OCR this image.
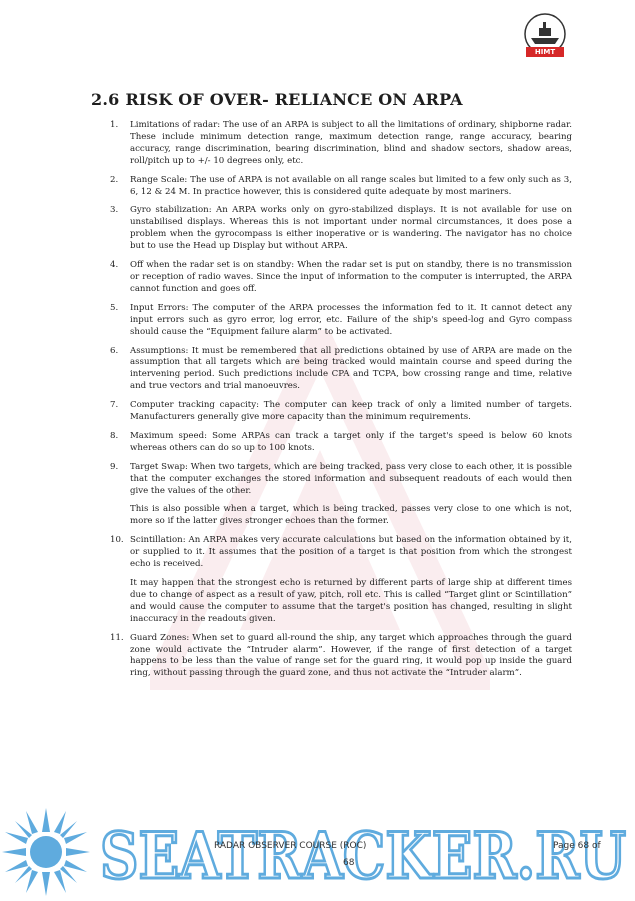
HIMT
2.6 RISK OF OVER- RELIANCE ON ARPA
1.	Limitations of radar: The use of an ARPA is subject to all the limitations of ordinary, shipborne radar. These include minimum detection range, maximum detection range, range accuracy, bearing accuracy, range discrimination, bearing discrimination, blind and shadow sectors, shadow areas, roll/pitch up to +/- 10 degrees only, etc.

2.	Range Scale: The use of ARPA is not available on all range scales but limited to a few only such as 3, 6, 12 & 24 M. In practice however, this is considered quite adequate by most mariners.

3.	Gyro stabilization: An ARPA works only on gyro-stabilized displays. It is not available for use on unstabilised displays. Whereas this is not important under normal circumstances, it does pose a problem when the gyrocompass is either inoperative or is wandering. The navigator has no choice but to use the Head up Display but without ARPA.

4.	Off when the radar set is on standby: When the radar set is put on standby, there is no transmission or reception of radio waves. Since the input of information to the computer is interrupted, the ARPA cannot function and goes off.

5.	Input Errors: The computer of the ARPA processes the information fed to it. It cannot detect any input errors such as gyro error, log error, etc. Failure of the ship's speed-log and Gyro compass should cause the “Equipment failure alarm” to be activated.

6.	Assumptions: It must be remembered that all predictions obtained by use of ARPA are made on the assumption that all targets which are being tracked would maintain course and speed during the intervening period. Such predictions include CPA and TCPA, bow crossing range and time, relative and true vectors and trial manoeuvres.

7.	Computer tracking capacity: The computer can keep track of only a limited number of targets. Manufacturers generally give more capacity than the minimum requirements.

8.	Maximum speed: Some ARPAs can track a target only if the target's speed is below 60 knots whereas others can do so up to 100 knots.

9.	Target Swap: When two targets, which are being tracked, pass very close to each other, it is possible that the computer exchanges the stored information and subsequent readouts of each would then give the values of the other.

This is also possible when a target, which is being tracked, passes very close to one which is not, more so if the latter gives stronger echoes than the former.

10. Scintillation: An ARPA makes very accurate calculations but based on the information obtained by it, or supplied to it. It assumes that the position of a target is that position from which the strongest echo is received.

It may happen that the strongest echo is returned by different parts of large ship at different times due to change of aspect as a result of yaw, pitch, roll etc. This is called “Target glint or Scintillation” and would cause the computer to assume that the target's position has changed, resulting in slight inaccuracy in the readouts given.

11. Guard Zones: When set to guard all-round the ship, any target which approaches through the guard zone would activate the “Intruder alarm”. However, if the range of first detection of a target happens to be less than the value of range set for the guard ring, it would pop up inside the guard ring, without passing through the guard zone, and thus not activate the “Intruder alarm”.

SEATRACKER.RU
RADAR OBSERVER COURSE (ROC)	Page 68 of
68
